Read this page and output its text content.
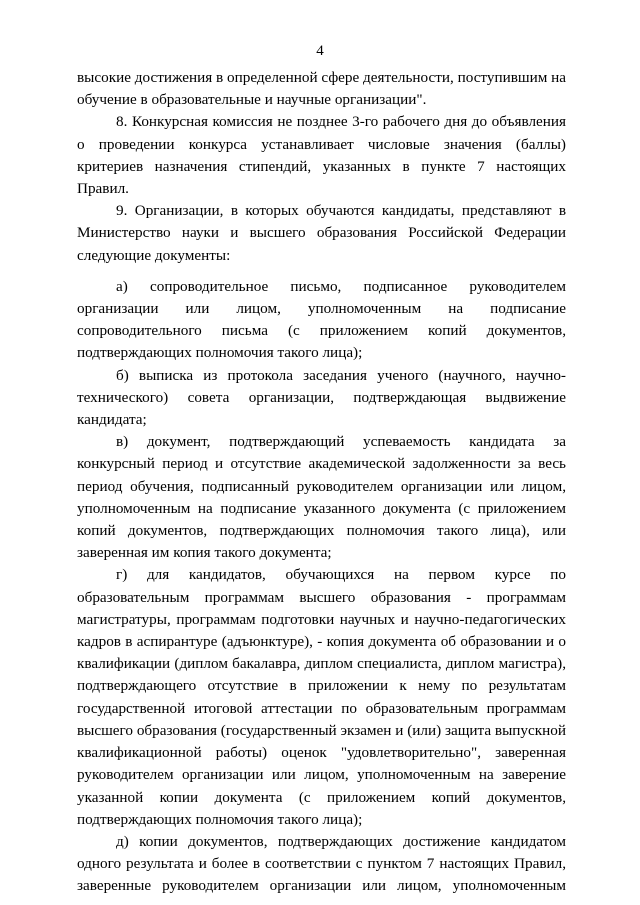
4

высокие достижения в определенной сфере деятельности, поступившим на обучение в образовательные и научные организации".

8. Конкурсная комиссия не позднее 3-го рабочего дня до объявления о проведении конкурса устанавливает числовые значения (баллы) критериев назначения стипендий, указанных в пункте 7 настоящих Правил.

9. Организации, в которых обучаются кандидаты, представляют в Министерство науки и высшего образования Российской Федерации следующие документы:

а) сопроводительное письмо, подписанное руководителем организации или лицом, уполномоченным на подписание сопроводительного письма (с приложением копий документов, подтверждающих полномочия такого лица);

б) выписка из протокола заседания ученого (научного, научно-технического) совета организации, подтверждающая выдвижение кандидата;

в) документ, подтверждающий успеваемость кандидата за конкурсный период и отсутствие академической задолженности за весь период обучения, подписанный руководителем организации или лицом, уполномоченным на подписание указанного документа (с приложением копий документов, подтверждающих полномочия такого лица), или заверенная им копия такого документа;

г) для кандидатов, обучающихся на первом курсе по образовательным программам высшего образования - программам магистратуры, программам подготовки научных и научно-педагогических кадров в аспирантуре (адъюнктуре), - копия документа об образовании и о квалификации (диплом бакалавра, диплом специалиста, диплом магистра), подтверждающего отсутствие в приложении к нему по результатам государственной итоговой аттестации по образовательным программам высшего образования (государственный экзамен и (или) защита выпускной квалификационной работы) оценок "удовлетворительно", заверенная руководителем организации или лицом, уполномоченным на заверение указанной копии документа (с приложением копий документов, подтверждающих полномочия такого лица);

д) копии документов, подтверждающих достижение кандидатом одного результата и более в соответствии с пунктом 7 настоящих Правил, заверенные руководителем организации или лицом, уполномоченным
